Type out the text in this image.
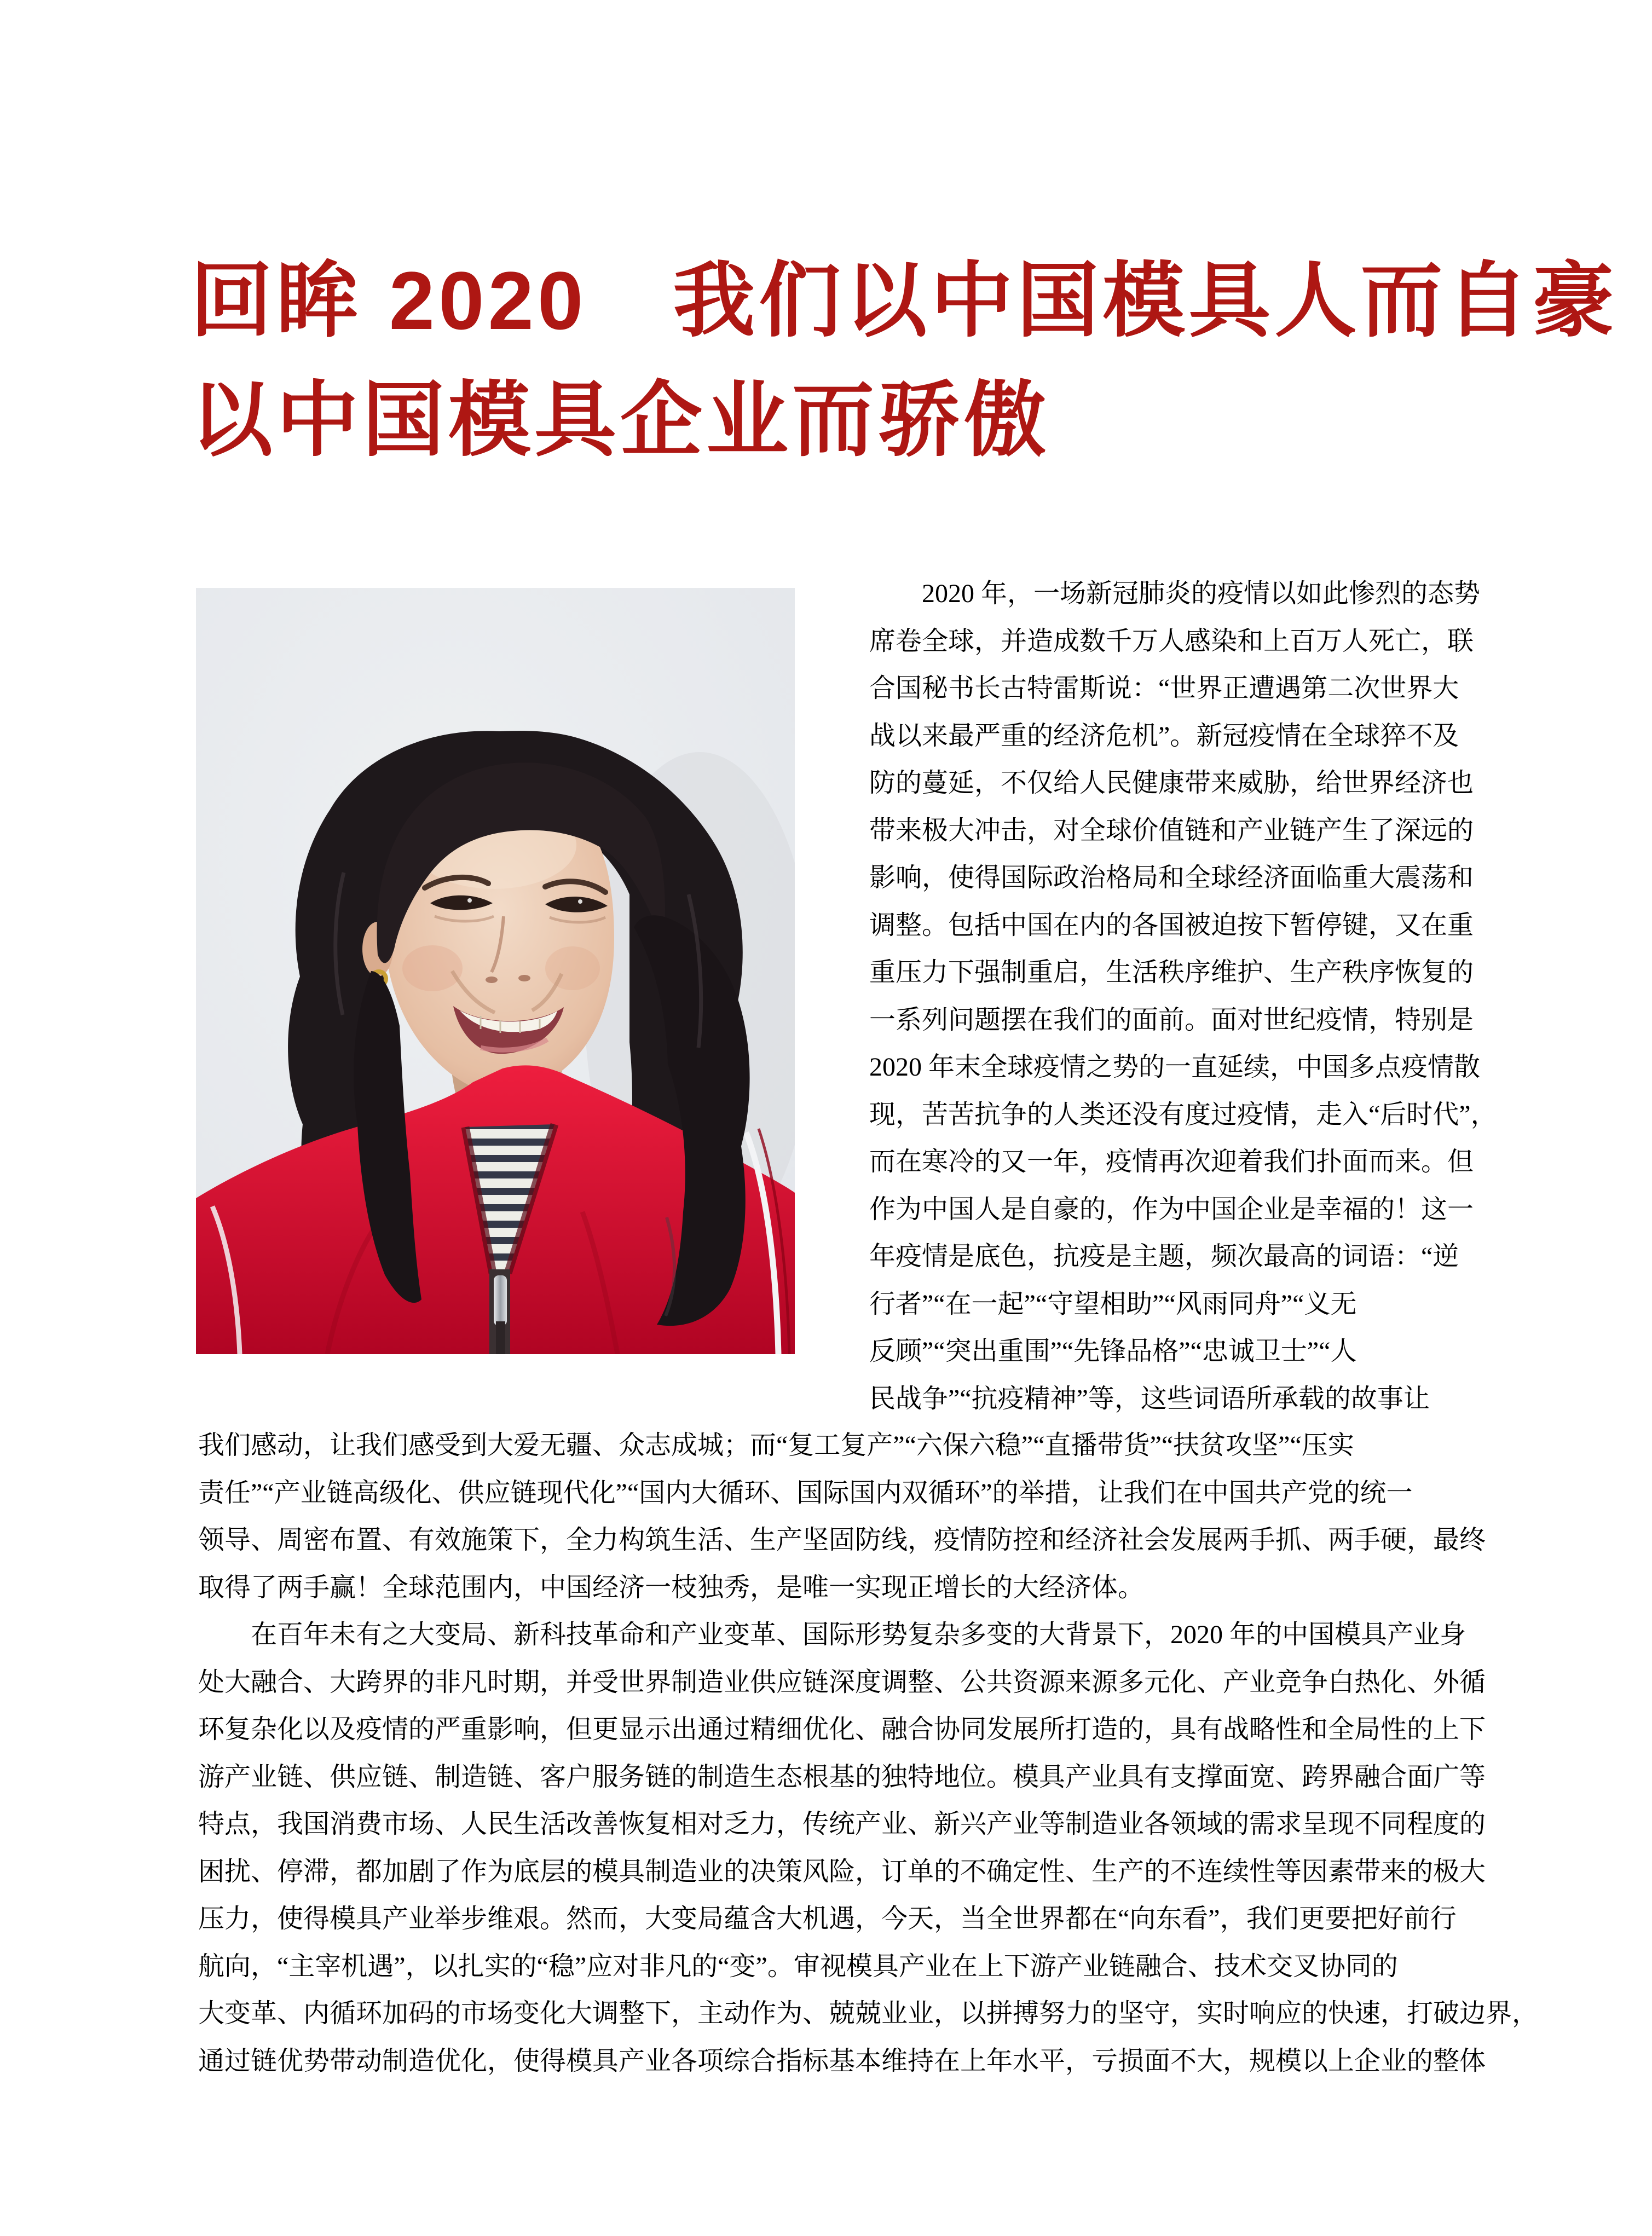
回眸 2020　我们以中国模具人而自豪
以中国模具企业而骄傲
　　2020 年，一场新冠肺炎的疫情以如此惨烈的态势
席卷全球，并造成数千万人感染和上百万人死亡，联
合国秘书长古特雷斯说：“世界正遭遇第二次世界大
战以来最严重的经济危机”。新冠疫情在全球猝不及
防的蔓延，不仅给人民健康带来威胁，给世界经济也
带来极大冲击，对全球价值链和产业链产生了深远的
影响，使得国际政治格局和全球经济面临重大震荡和
调整。包括中国在内的各国被迫按下暂停键，又在重
重压力下强制重启，生活秩序维护、生产秩序恢复的
一系列问题摆在我们的面前。面对世纪疫情，特别是
2020 年末全球疫情之势的一直延续，中国多点疫情散
现，苦苦抗争的人类还没有度过疫情，走入“后时代”，
而在寒冷的又一年，疫情再次迎着我们扑面而来。但
作为中国人是自豪的，作为中国企业是幸福的！这一
年疫情是底色，抗疫是主题，频次最高的词语：“逆
行者”“在一起”“守望相助”“风雨同舟”“义无
反顾”“突出重围”“先锋品格”“忠诚卫士”“人
民战争”“抗疫精神”等，这些词语所承载的故事让
我们感动，让我们感受到大爱无疆、众志成城；而“复工复产”“六保六稳”“直播带货”“扶贫攻坚”“压实
责任”“产业链高级化、供应链现代化”“国内大循环、国际国内双循环”的举措，让我们在中国共产党的统一
领导、周密布置、有效施策下，全力构筑生活、生产坚固防线，疫情防控和经济社会发展两手抓、两手硬，最终
取得了两手赢！全球范围内，中国经济一枝独秀，是唯一实现正增长的大经济体。
　　在百年未有之大变局、新科技革命和产业变革、国际形势复杂多变的大背景下，2020 年的中国模具产业身
处大融合、大跨界的非凡时期，并受世界制造业供应链深度调整、公共资源来源多元化、产业竞争白热化、外循
环复杂化以及疫情的严重影响，但更显示出通过精细优化、融合协同发展所打造的，具有战略性和全局性的上下
游产业链、供应链、制造链、客户服务链的制造生态根基的独特地位。模具产业具有支撑面宽、跨界融合面广等
特点，我国消费市场、人民生活改善恢复相对乏力，传统产业、新兴产业等制造业各领域的需求呈现不同程度的
困扰、停滞，都加剧了作为底层的模具制造业的决策风险，订单的不确定性、生产的不连续性等因素带来的极大
压力，使得模具产业举步维艰。然而，大变局蕴含大机遇，今天，当全世界都在“向东看”，我们更要把好前行
航向，“主宰机遇”，以扎实的“稳”应对非凡的“变”。审视模具产业在上下游产业链融合、技术交叉协同的
大变革、内循环加码的市场变化大调整下，主动作为、兢兢业业，以拼搏努力的坚守，实时响应的快速，打破边界，
通过链优势带动制造优化，使得模具产业各项综合指标基本维持在上年水平，亏损面不大，规模以上企业的整体
